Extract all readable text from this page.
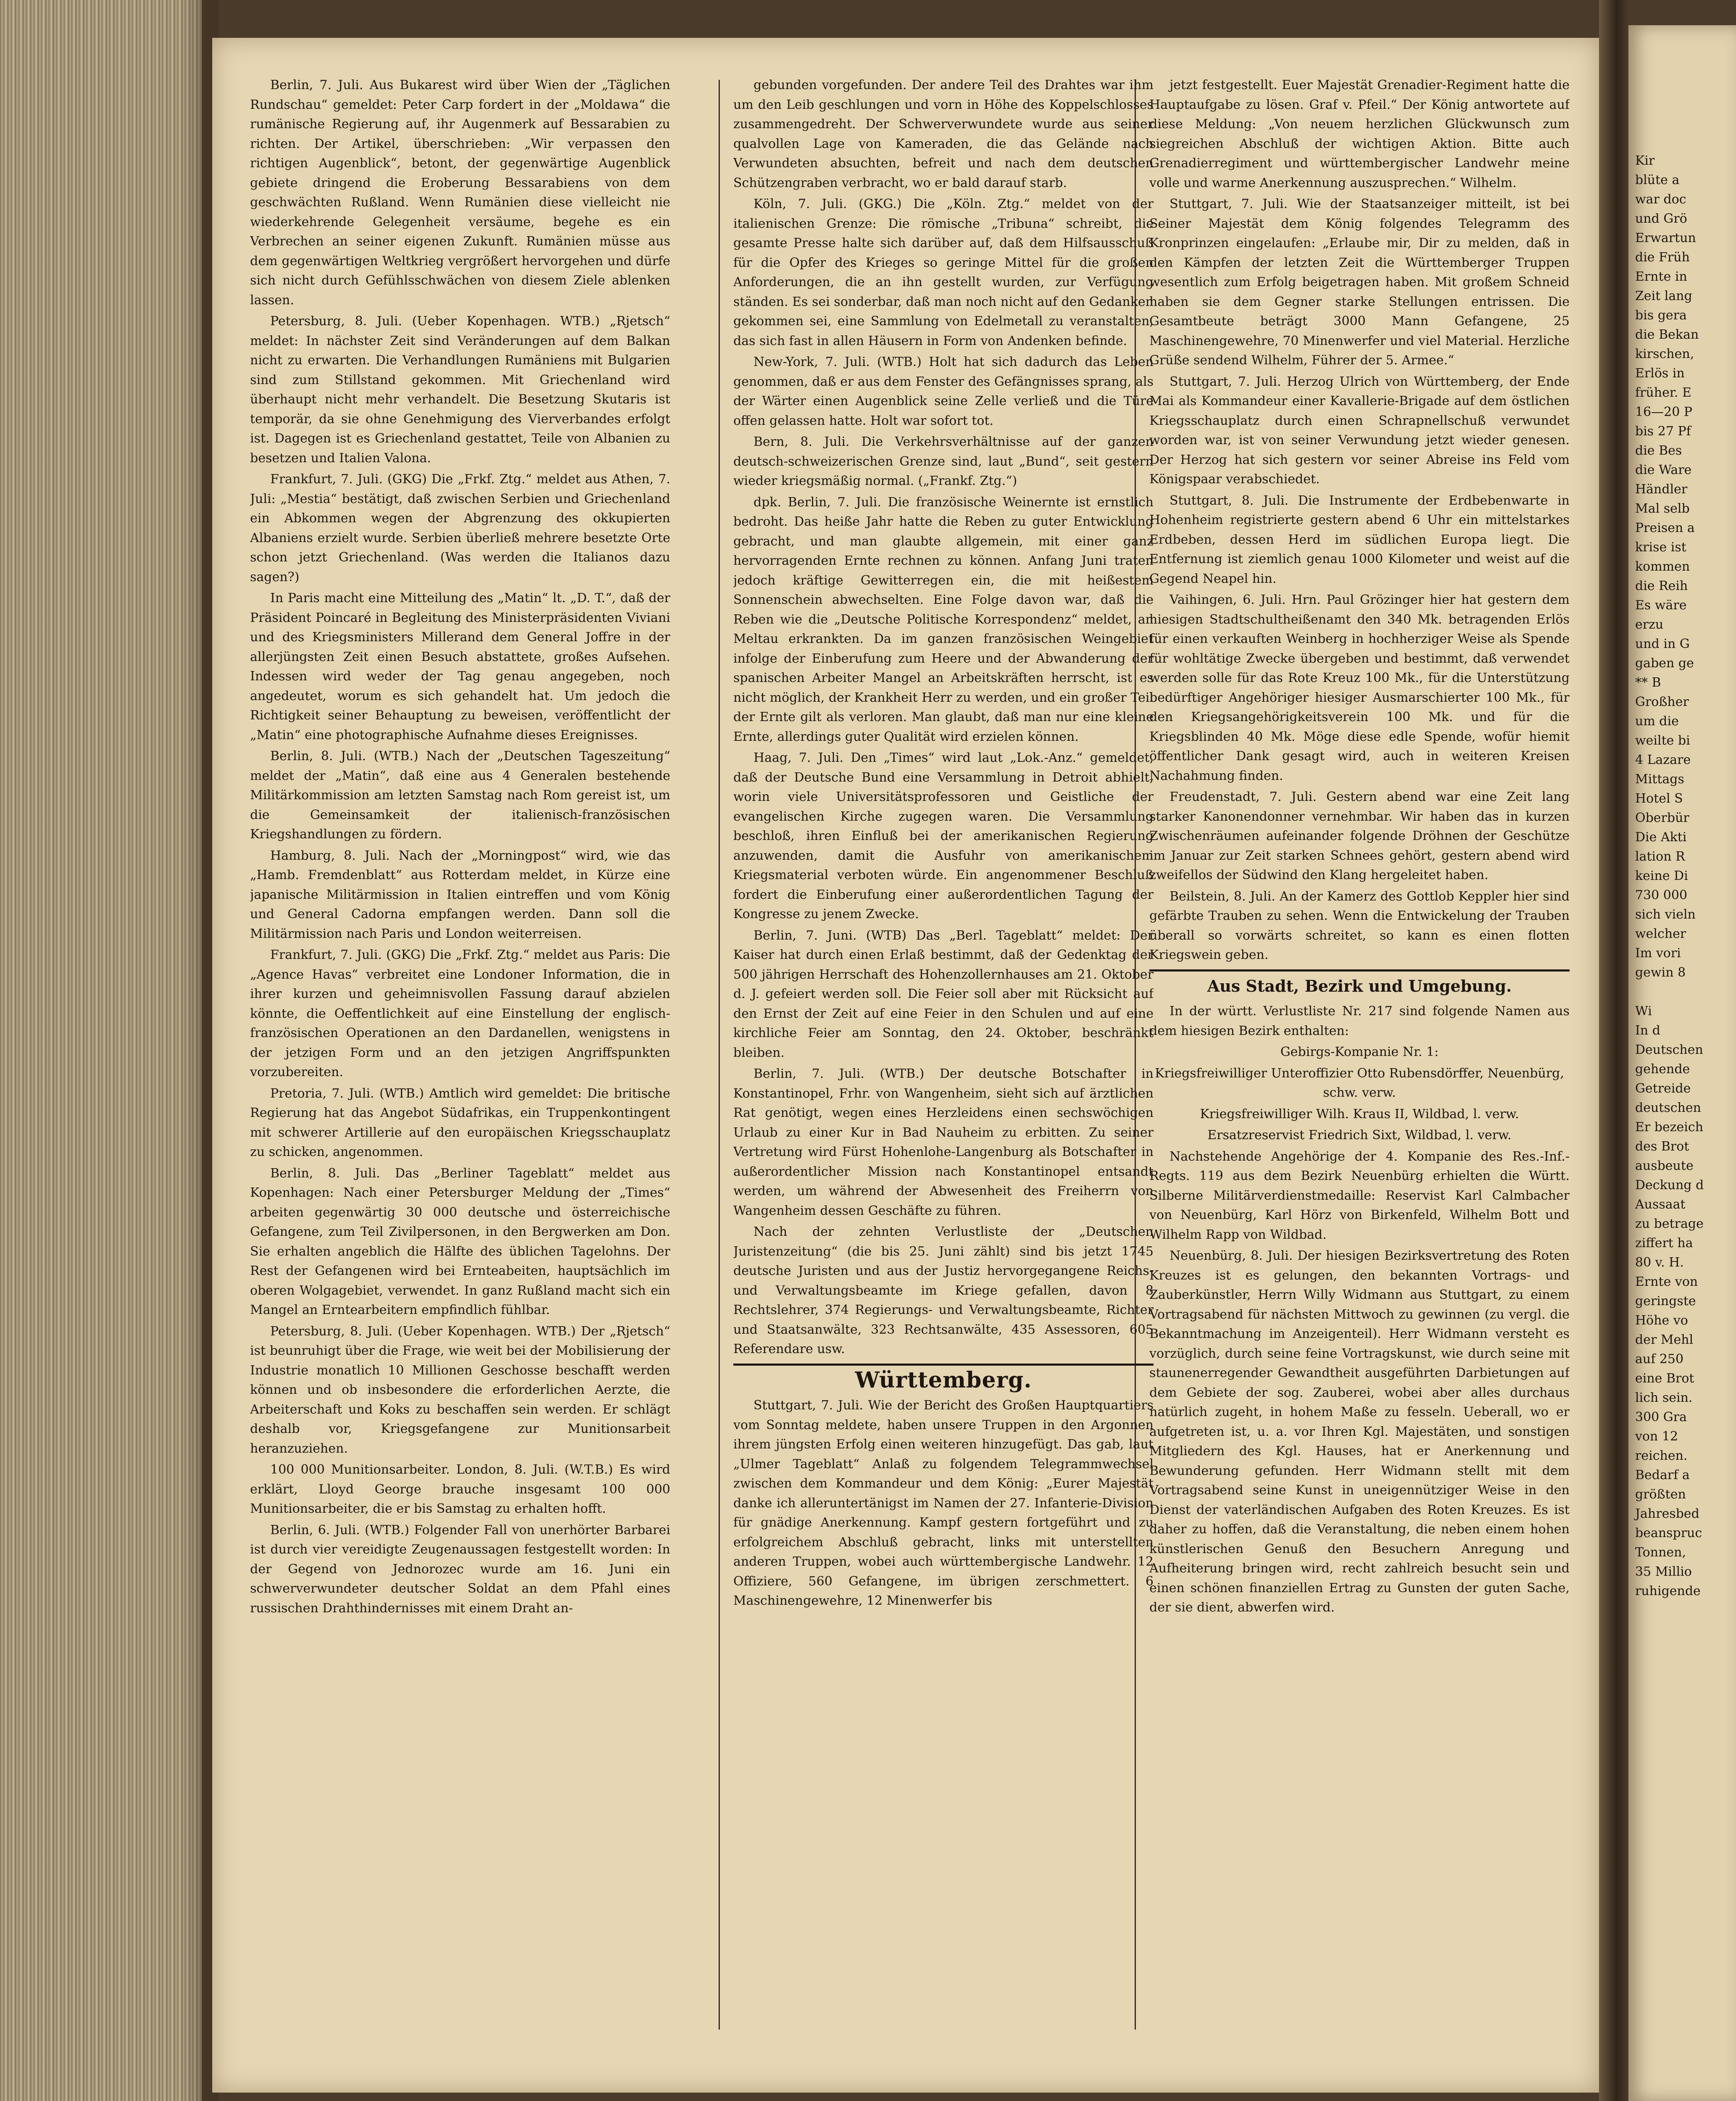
Berlin, 7. Juli. Aus Bukarest wird über Wien der „Täglichen Rundschau“ gemeldet: Peter Carp fordert in der „Moldawa“ die rumänische Regierung auf, ihr Augenmerk auf Bessarabien zu richten. Der Artikel, überschrieben: „Wir verpassen den richtigen Augenblick“, betont, der gegenwärtige Augenblick gebiete dringend die Eroberung Bessarabiens von dem geschwächten Rußland. Wenn Rumänien diese vielleicht nie wiederkehrende Gelegenheit versäume, begehe es ein Verbrechen an seiner eigenen Zukunft. Rumänien müsse aus dem gegenwärtigen Weltkrieg vergrößert hervorgehen und dürfe sich nicht durch Gefühlsschwächen von diesem Ziele ablenken lassen.

Petersburg, 8. Juli. (Ueber Kopenhagen. WTB.) „Rjetsch“ meldet: In nächster Zeit sind Veränderungen auf dem Balkan nicht zu erwarten. Die Verhandlungen Rumäniens mit Bulgarien sind zum Stillstand gekommen. Mit Griechenland wird überhaupt nicht mehr verhandelt. Die Besetzung Skutaris ist temporär, da sie ohne Genehmigung des Vierverbandes erfolgt ist. Dagegen ist es Griechenland gestattet, Teile von Albanien zu besetzen und Italien Valona.

Frankfurt, 7. Juli. (GKG) Die „Frkf. Ztg.“ meldet aus Athen, 7. Juli: „Mestia“ bestätigt, daß zwischen Serbien und Griechenland ein Abkommen wegen der Abgrenzung des okkupierten Albaniens erzielt wurde. Serbien überließ mehrere besetzte Orte schon jetzt Griechenland. (Was werden die Italianos dazu sagen?)

In Paris macht eine Mitteilung des „Matin“ lt. „D. T.“, daß der Präsident Poincaré in Begleitung des Ministerpräsidenten Viviani und des Kriegsministers Millerand dem General Joffre in der allerjüngsten Zeit einen Besuch abstattete, großes Aufsehen. Indessen wird weder der Tag genau angegeben, noch angedeutet, worum es sich gehandelt hat. Um jedoch die Richtigkeit seiner Behauptung zu beweisen, veröffentlicht der „Matin“ eine photographische Aufnahme dieses Ereignisses.

Berlin, 8. Juli. (WTB.) Nach der „Deutschen Tageszeitung“ meldet der „Matin“, daß eine aus 4 Generalen bestehende Militärkommission am letzten Samstag nach Rom gereist ist, um die Gemeinsamkeit der italienisch-französischen Kriegshandlungen zu fördern.

Hamburg, 8. Juli. Nach der „Morningpost“ wird, wie das „Hamb. Fremdenblatt“ aus Rotterdam meldet, in Kürze eine japanische Militärmission in Italien eintreffen und vom König und General Cadorna empfangen werden. Dann soll die Militärmission nach Paris und London weiterreisen.

Frankfurt, 7. Juli. (GKG) Die „Frkf. Ztg.“ meldet aus Paris: Die „Agence Havas“ verbreitet eine Londoner Information, die in ihrer kurzen und geheimnisvollen Fassung darauf abzielen könnte, die Oeffentlichkeit auf eine Einstellung der englisch-französischen Operationen an den Dardanellen, wenigstens in der jetzigen Form und an den jetzigen Angriffspunkten vorzubereiten.

Pretoria, 7. Juli. (WTB.) Amtlich wird gemeldet: Die britische Regierung hat das Angebot Südafrikas, ein Truppenkontingent mit schwerer Artillerie auf den europäischen Kriegsschauplatz zu schicken, angenommen.

Berlin, 8. Juli. Das „Berliner Tageblatt“ meldet aus Kopenhagen: Nach einer Petersburger Meldung der „Times“ arbeiten gegenwärtig 30 000 deutsche und österreichische Gefangene, zum Teil Zivilpersonen, in den Bergwerken am Don. Sie erhalten angeblich die Hälfte des üblichen Tagelohns. Der Rest der Gefangenen wird bei Ernteabeiten, hauptsächlich im oberen Wolgagebiet, verwendet. In ganz Rußland macht sich ein Mangel an Erntearbeitern empfindlich fühlbar.

Petersburg, 8. Juli. (Ueber Kopenhagen. WTB.) Der „Rjetsch“ ist beunruhigt über die Frage, wie weit bei der Mobilisierung der Industrie monatlich 10 Millionen Geschosse beschafft werden können und ob insbesondere die erforderlichen Aerzte, die Arbeiterschaft und Koks zu beschaffen sein werden. Er schlägt deshalb vor, Kriegsgefangene zur Munitionsarbeit heranzuziehen.

100 000 Munitionsarbeiter. London, 8. Juli. (W.T.B.) Es wird erklärt, Lloyd George brauche insgesamt 100 000 Munitionsarbeiter, die er bis Samstag zu erhalten hofft.

Berlin, 6. Juli. (WTB.) Folgender Fall von unerhörter Barbarei ist durch vier vereidigte Zeugenaussagen festgestellt worden: In der Gegend von Jednorozec wurde am 16. Juni ein schwerverwundeter deutscher Soldat an dem Pfahl eines russischen Drahthindernisses mit einem Draht an-

gebunden vorgefunden. Der andere Teil des Drahtes war ihm um den Leib geschlungen und vorn in Höhe des Koppelschlosses zusammengedreht. Der Schwerverwundete wurde aus seiner qualvollen Lage von Kameraden, die das Gelände nach Verwundeten absuchten, befreit und nach dem deutschen Schützengraben verbracht, wo er bald darauf starb.

Köln, 7. Juli. (GKG.) Die „Köln. Ztg.“ meldet von der italienischen Grenze: Die römische „Tribuna“ schreibt, die gesamte Presse halte sich darüber auf, daß dem Hilfsausschuß für die Opfer des Krieges so geringe Mittel für die großen Anforderungen, die an ihn gestellt wurden, zur Verfügung ständen. Es sei sonderbar, daß man noch nicht auf den Gedanken gekommen sei, eine Sammlung von Edelmetall zu veranstalten, das sich fast in allen Häusern in Form von Andenken befinde.

New-York, 7. Juli. (WTB.) Holt hat sich dadurch das Leben genommen, daß er aus dem Fenster des Gefängnisses sprang, als der Wärter einen Augenblick seine Zelle verließ und die Türe offen gelassen hatte. Holt war sofort tot.

Bern, 8. Juli. Die Verkehrsverhältnisse auf der ganzen deutsch-schweizerischen Grenze sind, laut „Bund“, seit gestern wieder kriegsmäßig normal. („Frankf. Ztg.“)

dpk. Berlin, 7. Juli. Die französische Weinernte ist ernstlich bedroht. Das heiße Jahr hatte die Reben zu guter Entwicklung gebracht, und man glaubte allgemein, mit einer ganz hervorragenden Ernte rechnen zu können. Anfang Juni traten jedoch kräftige Gewitterregen ein, die mit heißestem Sonnenschein abwechselten. Eine Folge davon war, daß die Reben wie die „Deutsche Politische Korrespondenz“ meldet, an Meltau erkrankten. Da im ganzen französischen Weingebiet infolge der Einberufung zum Heere und der Abwanderung der spanischen Arbeiter Mangel an Arbeitskräften herrscht, ist es nicht möglich, der Krankheit Herr zu werden, und ein großer Teil der Ernte gilt als verloren. Man glaubt, daß man nur eine kleine Ernte, allerdings guter Qualität wird erzielen können.

Haag, 7. Juli. Den „Times“ wird laut „Lok.-Anz.“ gemeldet, daß der Deutsche Bund eine Versammlung in Detroit abhielt, worin viele Universitätsprofessoren und Geistliche der evangelischen Kirche zugegen waren. Die Versammlung beschloß, ihren Einfluß bei der amerikanischen Regierung anzuwenden, damit die Ausfuhr von amerikanischem Kriegsmaterial verboten würde. Ein angenommener Beschluß fordert die Einberufung einer außerordentlichen Tagung der Kongresse zu jenem Zwecke.

Berlin, 7. Juni. (WTB) Das „Berl. Tageblatt“ meldet: Der Kaiser hat durch einen Erlaß bestimmt, daß der Gedenktag der 500 jährigen Herrschaft des Hohenzollernhauses am 21. Oktober d. J. gefeiert werden soll. Die Feier soll aber mit Rücksicht auf den Ernst der Zeit auf eine Feier in den Schulen und auf eine kirchliche Feier am Sonntag, den 24. Oktober, beschränkt bleiben.

Berlin, 7. Juli. (WTB.) Der deutsche Botschafter in Konstantinopel, Frhr. von Wangenheim, sieht sich auf ärztlichen Rat genötigt, wegen eines Herzleidens einen sechswöchigen Urlaub zu einer Kur in Bad Nauheim zu erbitten. Zu seiner Vertretung wird Fürst Hohenlohe-Langenburg als Botschafter in außerordentlicher Mission nach Konstantinopel entsandt werden, um während der Abwesenheit des Freiherrn von Wangenheim dessen Geschäfte zu führen.

Nach der zehnten Verlustliste der „Deutschen Juristenzeitung“ (die bis 25. Juni zählt) sind bis jetzt 1745 deutsche Juristen und aus der Justiz hervorgegangene Reichs- und Verwaltungsbeamte im Kriege gefallen, davon 8 Rechtslehrer, 374 Regierungs- und Verwaltungsbeamte, Richter und Staatsanwälte, 323 Rechtsanwälte, 435 Assessoren, 605 Referendare usw.

Württemberg.

Stuttgart, 7. Juli. Wie der Bericht des Großen Hauptquartiers vom Sonntag meldete, haben unsere Truppen in den Argonnen ihrem jüngsten Erfolg einen weiteren hinzugefügt. Das gab, laut „Ulmer Tageblatt“ Anlaß zu folgendem Telegrammwechsel zwischen dem Kommandeur und dem König: „Eurer Majestät danke ich alleruntertänigst im Namen der 27. Infanterie-Division für gnädige Anerkennung. Kampf gestern fortgeführt und zu erfolgreichem Abschluß gebracht, links mit unterstellten anderen Truppen, wobei auch württembergische Landwehr. 12 Offiziere, 560 Gefangene, im übrigen zerschmettert. 6 Maschinengewehre, 12 Minenwerfer bis

jetzt festgestellt. Euer Majestät Grenadier-Regiment hatte die Hauptaufgabe zu lösen. Graf v. Pfeil.“ Der König antwortete auf diese Meldung: „Von neuem herzlichen Glückwunsch zum siegreichen Abschluß der wichtigen Aktion. Bitte auch Grenadierregiment und württembergischer Landwehr meine volle und warme Anerkennung auszusprechen.“ Wilhelm.

Stuttgart, 7. Juli. Wie der Staatsanzeiger mitteilt, ist bei Seiner Majestät dem König folgendes Telegramm des Kronprinzen eingelaufen: „Erlaube mir, Dir zu melden, daß in den Kämpfen der letzten Zeit die Württemberger Truppen wesentlich zum Erfolg beigetragen haben. Mit großem Schneid haben sie dem Gegner starke Stellungen entrissen. Die Gesamtbeute beträgt 3000 Mann Gefangene, 25 Maschinengewehre, 70 Minenwerfer und viel Material. Herzliche Grüße sendend Wilhelm, Führer der 5. Armee.“

Stuttgart, 7. Juli. Herzog Ulrich von Württemberg, der Ende Mai als Kommandeur einer Kavallerie-Brigade auf dem östlichen Kriegsschauplatz durch einen Schrapnellschuß verwundet worden war, ist von seiner Verwundung jetzt wieder genesen. Der Herzog hat sich gestern vor seiner Abreise ins Feld vom Königspaar verabschiedet.

Stuttgart, 8. Juli. Die Instrumente der Erdbebenwarte in Hohenheim registrierte gestern abend 6 Uhr ein mittelstarkes Erdbeben, dessen Herd im südlichen Europa liegt. Die Entfernung ist ziemlich genau 1000 Kilometer und weist auf die Gegend Neapel hin.

Vaihingen, 6. Juli. Hrn. Paul Grözinger hier hat gestern dem hiesigen Stadtschultheißenamt den 340 Mk. betragenden Erlös für einen verkauften Weinberg in hochherziger Weise als Spende für wohltätige Zwecke übergeben und bestimmt, daß verwendet werden solle für das Rote Kreuz 100 Mk., für die Unterstützung bedürftiger Angehöriger hiesiger Ausmarschierter 100 Mk., für den Kriegsangehörigkeitsverein 100 Mk. und für die Kriegsblinden 40 Mk. Möge diese edle Spende, wofür hiemit öffentlicher Dank gesagt wird, auch in weiteren Kreisen Nachahmung finden.

Freudenstadt, 7. Juli. Gestern abend war eine Zeit lang starker Kanonendonner vernehmbar. Wir haben das in kurzen Zwischenräumen aufeinander folgende Dröhnen der Geschütze im Januar zur Zeit starken Schnees gehört, gestern abend wird zweifellos der Südwind den Klang hergeleitet haben.

Beilstein, 8. Juli. An der Kamerz des Gottlob Keppler hier sind gefärbte Trauben zu sehen. Wenn die Entwickelung der Trauben überall so vorwärts schreitet, so kann es einen flotten Kriegswein geben.

Aus Stadt, Bezirk und Umgebung.

In der württ. Verlustliste Nr. 217 sind folgende Namen aus dem hiesigen Bezirk enthalten:

Gebirgs-Kompanie Nr. 1:

Kriegsfreiwilliger Unteroffizier Otto Rubensdörffer, Neuenbürg, schw. verw.

Kriegsfreiwilliger Wilh. Kraus II, Wildbad, l. verw.

Ersatzreservist Friedrich Sixt, Wildbad, l. verw.

Nachstehende Angehörige der 4. Kompanie des Res.-Inf.-Regts. 119 aus dem Bezirk Neuenbürg erhielten die Württ. Silberne Militärverdienstmedaille: Reservist Karl Calmbacher von Neuenbürg, Karl Hörz von Birkenfeld, Wilhelm Bott und Wilhelm Rapp von Wildbad.

Neuenbürg, 8. Juli. Der hiesigen Bezirksvertretung des Roten Kreuzes ist es gelungen, den bekannten Vortrags- und Zauberkünstler, Herrn Willy Widmann aus Stuttgart, zu einem Vortragsabend für nächsten Mittwoch zu gewinnen (zu vergl. die Bekanntmachung im Anzeigenteil). Herr Widmann versteht es vorzüglich, durch seine feine Vortragskunst, wie durch seine mit staunenerregender Gewandtheit ausgeführten Darbietungen auf dem Gebiete der sog. Zauberei, wobei aber alles durchaus natürlich zugeht, in hohem Maße zu fesseln. Ueberall, wo er aufgetreten ist, u. a. vor Ihren Kgl. Majestäten, und sonstigen Mitgliedern des Kgl. Hauses, hat er Anerkennung und Bewunderung gefunden. Herr Widmann stellt mit dem Vortragsabend seine Kunst in uneigennütziger Weise in den Dienst der vaterländischen Aufgaben des Roten Kreuzes. Es ist daher zu hoffen, daß die Veranstaltung, die neben einem hohen künstlerischen Genuß den Besuchern Anregung und Aufheiterung bringen wird, recht zahlreich besucht sein und einen schönen finanziellen Ertrag zu Gunsten der guten Sache, der sie dient, abwerfen wird.

Kir
blüte a
war doc
und Grö
Erwartun
die Früh
Ernte in
Zeit lang
bis gera
die Bekan
kirschen,
Erlös in
früher. E
16—20 P
bis 27 Pf
die Bes
die Ware
Händler
Mal selb
Preisen a
krise ist
kommen
die Reih
Es wäre
erzu
und in G
gaben ge
** B
Großher
um die
weilte bi
4 Lazare
Mittags
Hotel S
Oberbür
Die Akti
lation R
keine Di
730 000
sich vieln
welcher
Im vori
gewin 8

Wi
In d
Deutschen
gehende
Getreide
deutschen
Er bezeich
des Brot
ausbeute
Deckung d
Aussaat
zu betrage
ziffert ha
80 v. H.
Ernte von
geringste
Höhe vo
der Mehl
auf 250
eine Brot
lich sein.
300 Gra
von 12
reichen.
Bedarf a
größten
Jahresbed
beanspruc
Tonnen,
35 Millio
ruhigende
